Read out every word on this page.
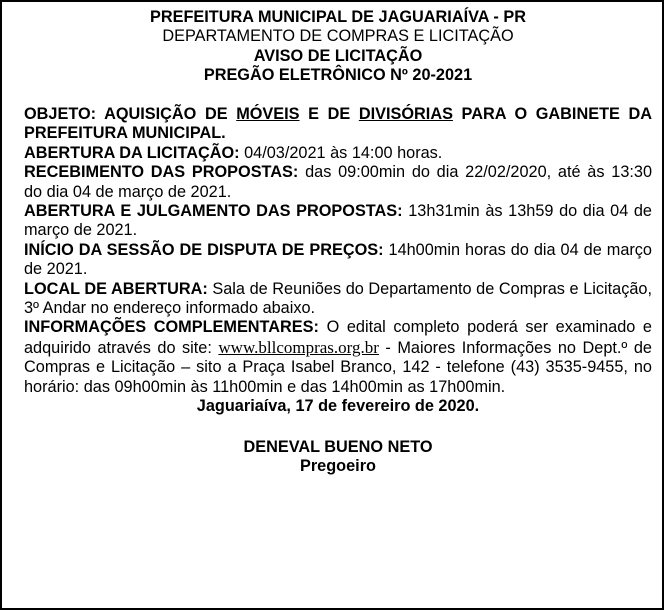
PREFEITURA MUNICIPAL DE JAGUARIAÍVA - PR
DEPARTAMENTO DE COMPRAS E LICITAÇÃO
AVISO DE LICITAÇÃO
PREGÃO ELETRÔNICO Nº 20-2021

OBJETO: AQUISIÇÃO DE MÓVEIS E DE DIVISÓRIAS PARA O GABINETE DA PREFEITURA MUNICIPAL.

ABERTURA DA LICITAÇÃO: 04/03/2021 às 14:00 horas.

RECEBIMENTO DAS PROPOSTAS: das 09:00min do dia 22/02/2020, até às 13:30 do dia 04 de março de 2021.

ABERTURA E JULGAMENTO DAS PROPOSTAS: 13h31min às 13h59 do dia 04 de março de 2021.

INÍCIO DA SESSÃO DE DISPUTA DE PREÇOS: 14h00min horas do dia 04 de março de 2021.

LOCAL DE ABERTURA: Sala de Reuniões do Departamento de Compras e Licitação, 3º Andar no endereço informado abaixo.

INFORMAÇÕES COMPLEMENTARES: O edital completo poderá ser examinado e adquirido através do site: www.bllcompras.org.br - Maiores Informações no Dept.º de Compras e Licitação – sito a Praça Isabel Branco, 142 - telefone (43) 3535-9455, no horário: das 09h00min às 11h00min e das 14h00min as 17h00min.

Jaguariaíva, 17 de fevereiro de 2020.
DENEVAL BUENO NETO
Pregoeiro
